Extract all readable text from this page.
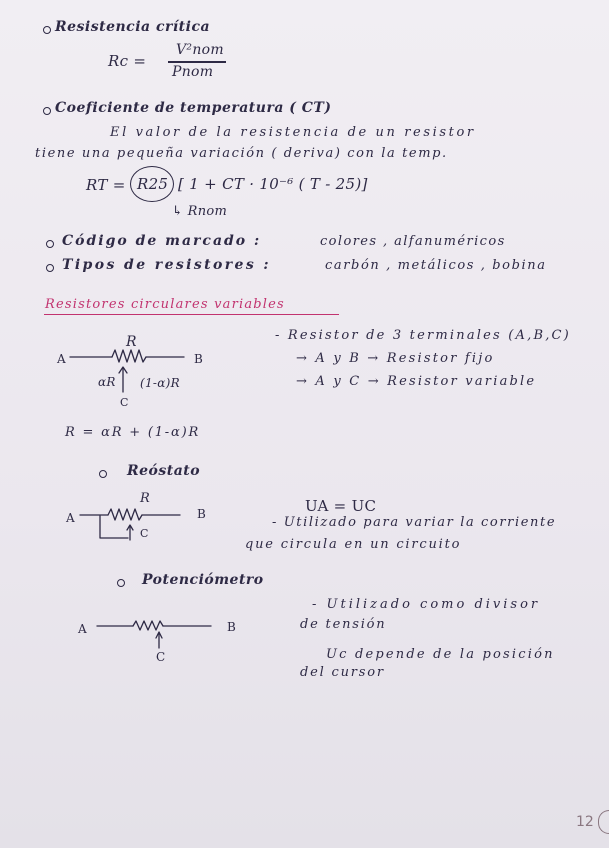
Resistencia crítica
Rc =
V²nom
Pnom
Coeficiente de temperatura ( CT)
El valor de la resistencia de un resistor
tiene una pequeña variación ( deriva) con la temp.
RT = R25 [ 1 + CT · 10⁻⁶ ( T - 25)]
↳ Rnom
Código de marcado :	colores , alfanuméricos
Tipos de resistores :	carbón , metálicos , bobina
Resistores circulares variables
R
A	B
αR (1-α)R
C
- Resistor de 3 terminales (A,B,C)
→ A y B → Resistor fijo
→ A y C → Resistor variable
R = αR + (1-α)R
Reóstato
R
A	B
C
UA = UC
- Utilizado para variar la corriente
que circula en un circuito
Potenciómetro
A	B
C
- Utilizado como divisor
de tensión
Uc depende de la posición
del cursor
12
